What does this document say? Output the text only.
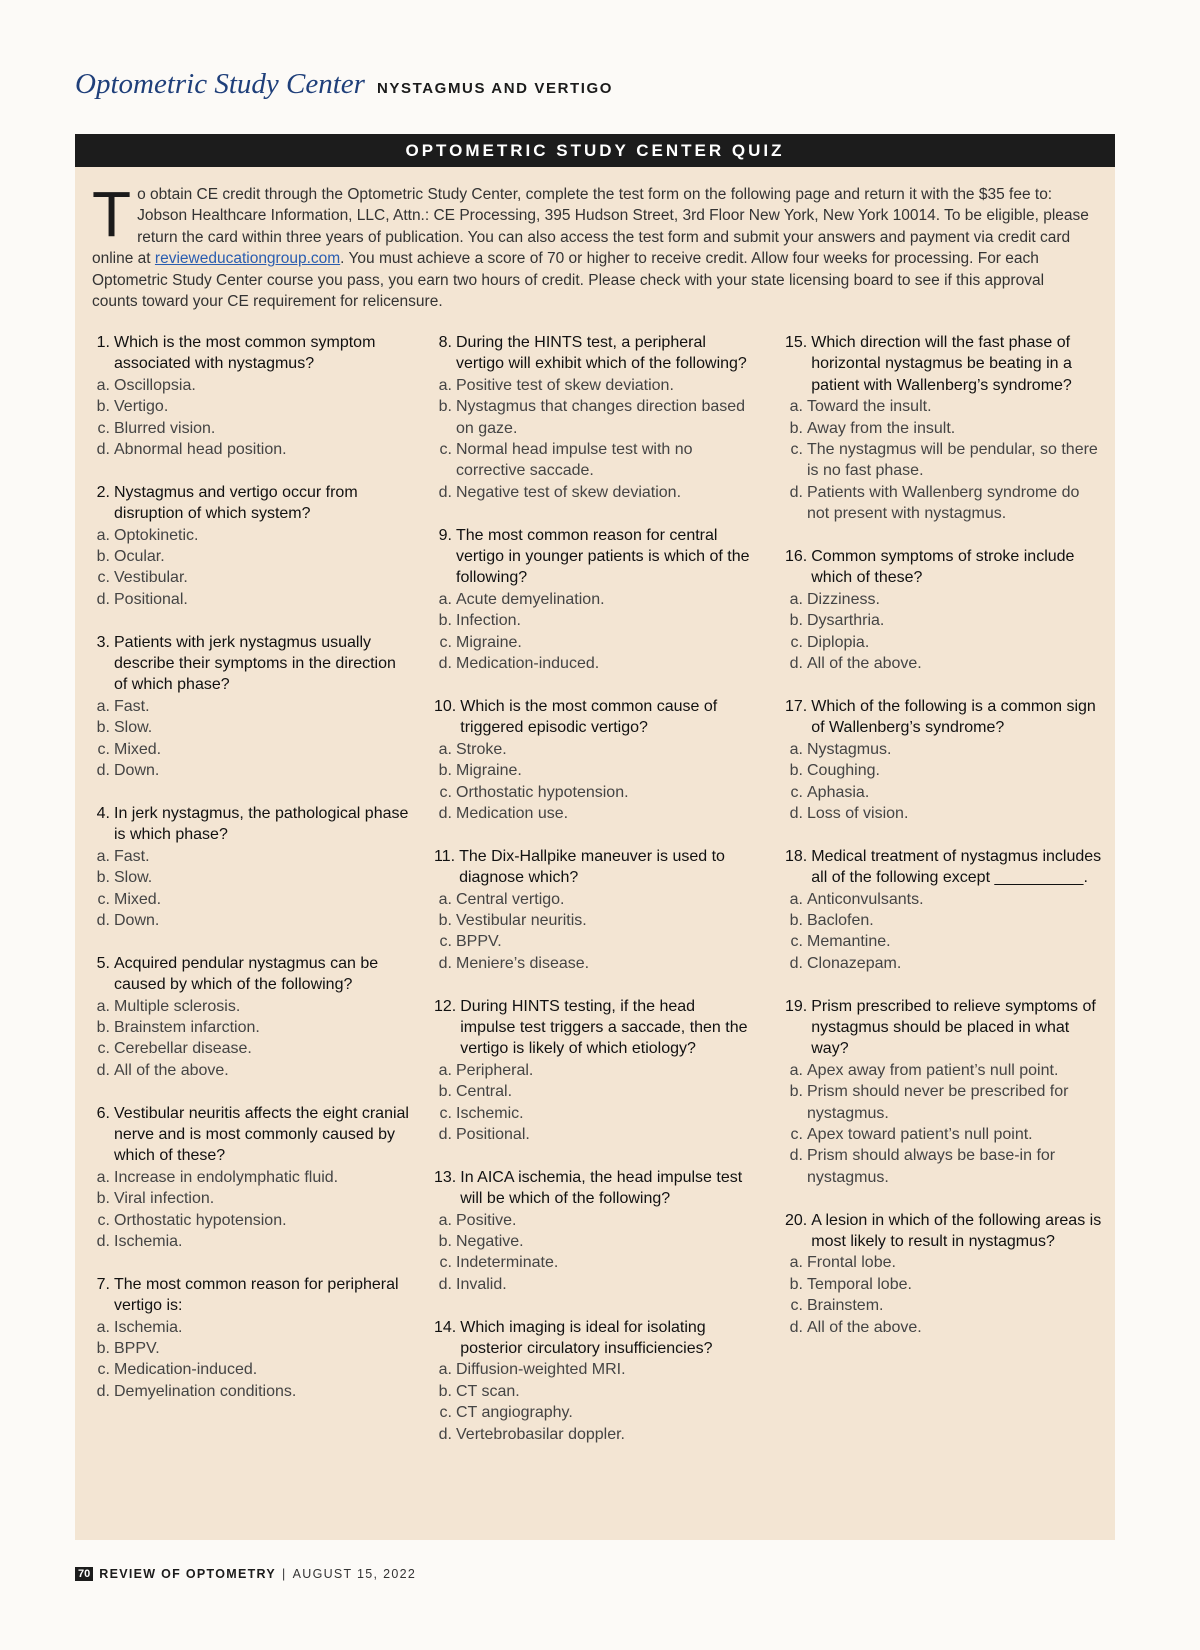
Optometric Study Center NYSTAGMUS AND VERTIGO
OPTOMETRIC STUDY CENTER QUIZ
To obtain CE credit through the Optometric Study Center, complete the test form on the following page and return it with the $35 fee to: Jobson Healthcare Information, LLC, Attn.: CE Processing, 395 Hudson Street, 3rd Floor New York, New York 10014. To be eligible, please return the card within three years of publication. You can also access the test form and submit your answers and payment via credit card online at revieweducationgroup.com. You must achieve a score of 70 or higher to receive credit. Allow four weeks for processing. For each Optometric Study Center course you pass, you earn two hours of credit. Please check with your state licensing board to see if this approval counts toward your CE requirement for relicensure.
1. Which is the most common symptom associated with nystagmus?
a. Oscillopsia.
b. Vertigo.
c. Blurred vision.
d. Abnormal head position.
2. Nystagmus and vertigo occur from disruption of which system?
a. Optokinetic.
b. Ocular.
c. Vestibular.
d. Positional.
3. Patients with jerk nystagmus usually describe their symptoms in the direction of which phase?
a. Fast.
b. Slow.
c. Mixed.
d. Down.
4. In jerk nystagmus, the pathological phase is which phase?
a. Fast.
b. Slow.
c. Mixed.
d. Down.
5. Acquired pendular nystagmus can be caused by which of the following?
a. Multiple sclerosis.
b. Brainstem infarction.
c. Cerebellar disease.
d. All of the above.
6. Vestibular neuritis affects the eight cranial nerve and is most commonly caused by which of these?
a. Increase in endolymphatic fluid.
b. Viral infection.
c. Orthostatic hypotension.
d. Ischemia.
7. The most common reason for peripheral vertigo is:
a. Ischemia.
b. BPPV.
c. Medication-induced.
d. Demyelination conditions.
8. During the HINTS test, a peripheral vertigo will exhibit which of the following?
a. Positive test of skew deviation.
b. Nystagmus that changes direction based on gaze.
c. Normal head impulse test with no corrective saccade.
d. Negative test of skew deviation.
9. The most common reason for central vertigo in younger patients is which of the following?
a. Acute demyelination.
b. Infection.
c. Migraine.
d. Medication-induced.
10. Which is the most common cause of triggered episodic vertigo?
a. Stroke.
b. Migraine.
c. Orthostatic hypotension.
d. Medication use.
11. The Dix-Hallpike maneuver is used to diagnose which?
a. Central vertigo.
b. Vestibular neuritis.
c. BPPV.
d. Meniere’s disease.
12. During HINTS testing, if the head impulse test triggers a saccade, then the vertigo is likely of which etiology?
a. Peripheral.
b. Central.
c. Ischemic.
d. Positional.
13. In AICA ischemia, the head impulse test will be which of the following?
a. Positive.
b. Negative.
c. Indeterminate.
d. Invalid.
14. Which imaging is ideal for isolating posterior circulatory insufficiencies?
a. Diffusion-weighted MRI.
b. CT scan.
c. CT angiography.
d. Vertebrobasilar doppler.
15. Which direction will the fast phase of horizontal nystagmus be beating in a patient with Wallenberg’s syndrome?
a. Toward the insult.
b. Away from the insult.
c. The nystagmus will be pendular, so there is no fast phase.
d. Patients with Wallenberg syndrome do not present with nystagmus.
16. Common symptoms of stroke include which of these?
a. Dizziness.
b. Dysarthria.
c. Diplopia.
d. All of the above.
17. Which of the following is a common sign of Wallenberg’s syndrome?
a. Nystagmus.
b. Coughing.
c. Aphasia.
d. Loss of vision.
18. Medical treatment of nystagmus includes all of the following except __________.
a. Anticonvulsants.
b. Baclofen.
c. Memantine.
d. Clonazepam.
19. Prism prescribed to relieve symptoms of nystagmus should be placed in what way?
a. Apex away from patient’s null point.
b. Prism should never be prescribed for nystagmus.
c. Apex toward patient’s null point.
d. Prism should always be base-in for nystagmus.
20. A lesion in which of the following areas is most likely to result in nystagmus?
a. Frontal lobe.
b. Temporal lobe.
c. Brainstem.
d. All of the above.
70 REVIEW OF OPTOMETRY | AUGUST 15, 2022
